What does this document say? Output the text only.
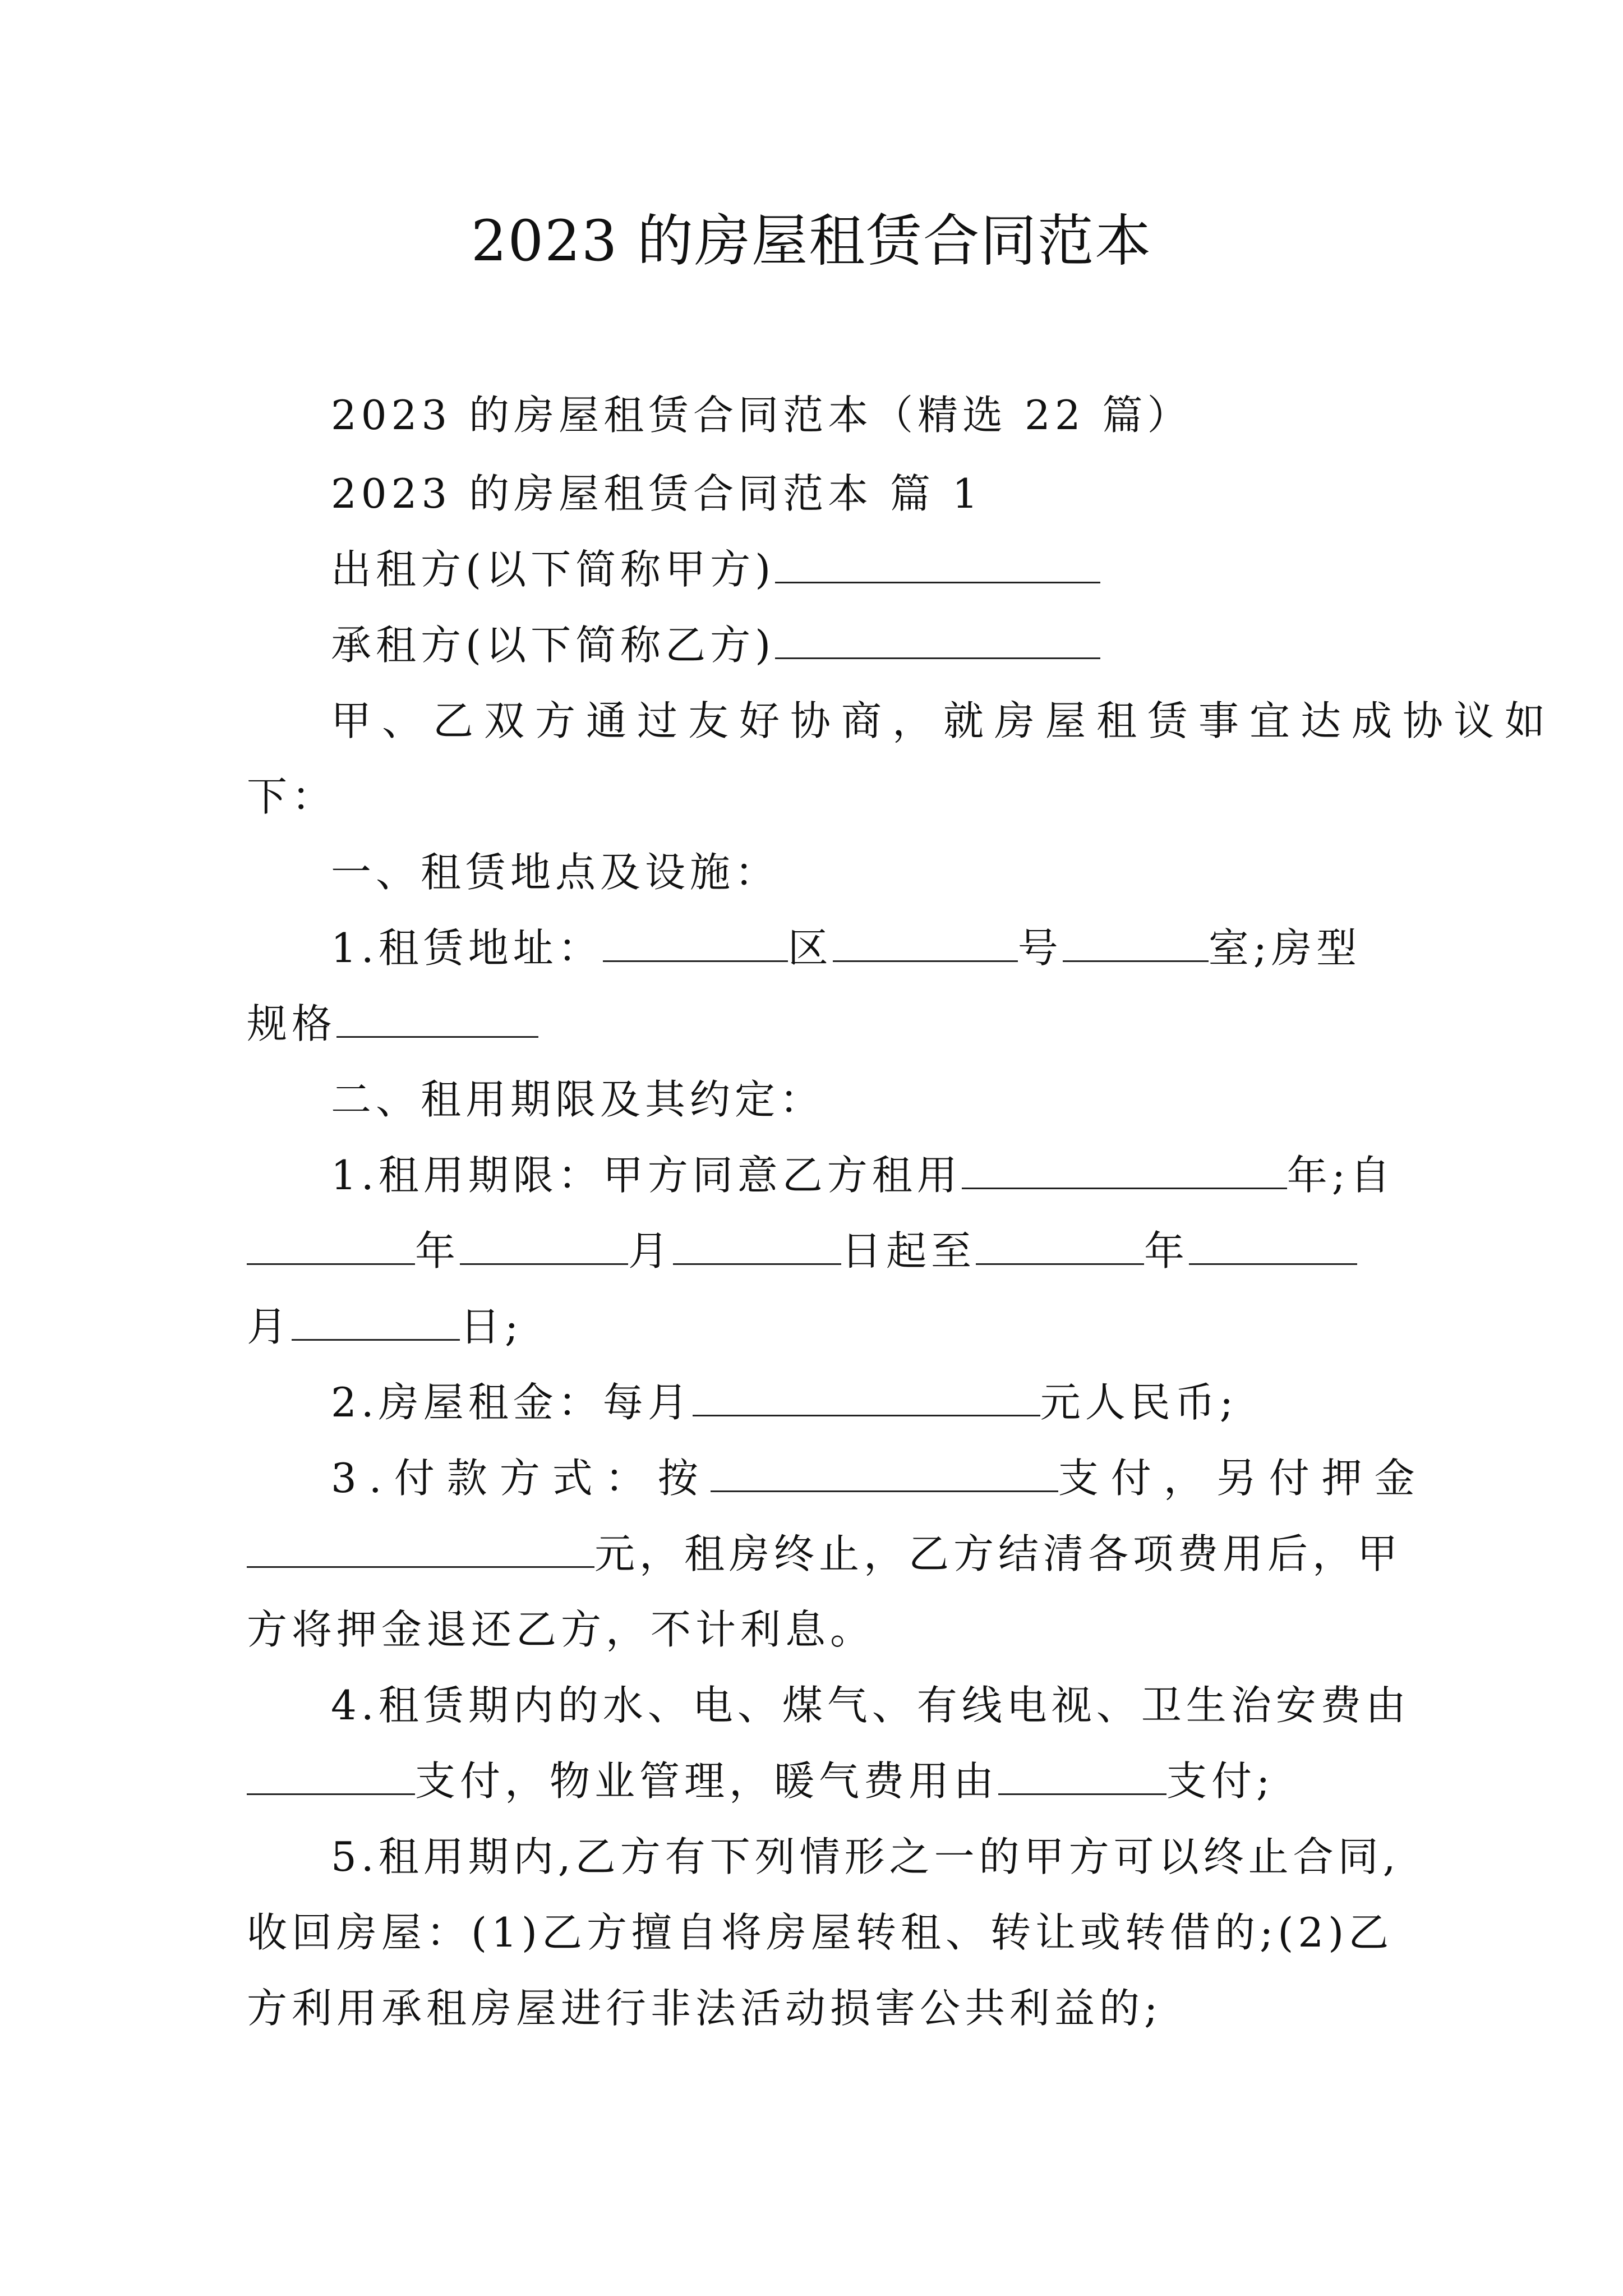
2023 的房屋租赁合同范本
2023 的房屋租赁合同范本（精选 22 篇）
2023 的房屋租赁合同范本 篇 1
出租方(以下简称甲方)
承租方(以下简称乙方)
甲、乙双方通过友好协商，就房屋租赁事宜达成协议如
下：
一、租赁地点及设施：
1.租赁地址：	区	号	室;房型
规格
二、租用期限及其约定：
1.租用期限：甲方同意乙方租用	年;自
年	月	日起至	年
月	日;
2.房屋租金：每月	元人民币;
3.付款方式：按	支付，另付押金
元，租房终止，乙方结清各项费用后，甲
方将押金退还乙方，不计利息。
4.租赁期内的水、电、煤气、有线电视、卫生治安费由
支付，物业管理，暖气费用由	支付;
5.租用期内,乙方有下列情形之一的甲方可以终止合同,
收回房屋：(1)乙方擅自将房屋转租、转让或转借的;(2)乙
方利用承租房屋进行非法活动损害公共利益的;
